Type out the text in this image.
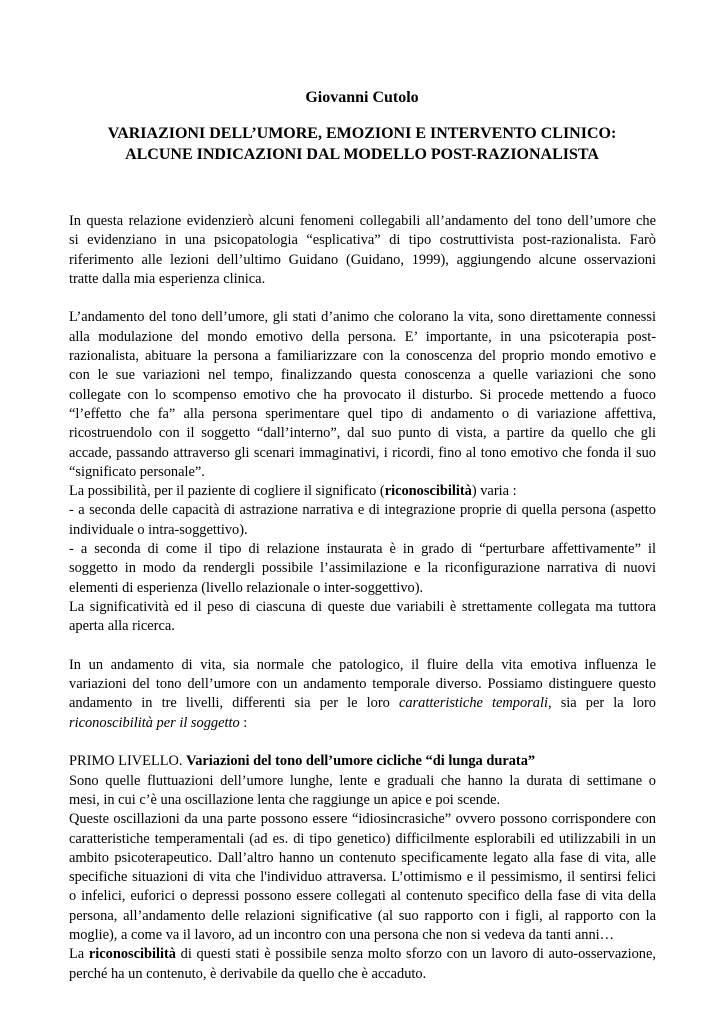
Giovanni Cutolo
VARIAZIONI DELL’UMORE, EMOZIONI E INTERVENTO CLINICO:
ALCUNE INDICAZIONI DAL MODELLO POST-RAZIONALISTA
In questa relazione evidenzierò alcuni fenomeni collegabili all’andamento del tono dell’umore che
si evidenziano in una psicopatologia “esplicativa” di tipo costruttivista post-razionalista. Farò
riferimento alle lezioni dell’ultimo Guidano (Guidano, 1999), aggiungendo alcune osservazioni
tratte dalla mia esperienza clinica.
L’andamento del tono dell’umore, gli stati d’animo che colorano la vita, sono direttamente connessi
alla modulazione del mondo emotivo della persona. E’ importante, in una psicoterapia post-
razionalista, abituare la persona a familiarizzare con la conoscenza del proprio mondo emotivo e
con le sue variazioni nel tempo, finalizzando questa conoscenza a quelle variazioni che sono
collegate con lo scompenso emotivo che ha provocato il disturbo. Si procede mettendo a fuoco
“l’effetto che fa” alla persona sperimentare quel tipo di andamento o di variazione affettiva,
ricostruendolo con il soggetto “dall’interno”, dal suo punto di vista, a partire da quello che gli
accade, passando attraverso gli scenari immaginativi, i ricordi, fino al tono emotivo che fonda il suo
“significato personale”.
La possibilità, per il paziente di cogliere il significato (riconoscibilità) varia :
- a seconda delle capacità di astrazione narrativa e di integrazione proprie di quella persona (aspetto
individuale o intra-soggettivo).
- a seconda di come il tipo di relazione instaurata è in grado di “perturbare affettivamente” il
soggetto in modo da rendergli possibile l’assimilazione e la riconfigurazione narrativa di nuovi
elementi di esperienza (livello relazionale o inter-soggettivo).
La significatività ed il peso di ciascuna di queste due variabili è strettamente collegata ma tuttora
aperta alla ricerca.
In un andamento di vita, sia normale che patologico, il fluire della vita emotiva influenza le
variazioni del tono dell’umore con un andamento temporale diverso. Possiamo distinguere questo
andamento in tre livelli, differenti sia per le loro caratteristiche temporali, sia per la loro
riconoscibilità per il soggetto :
PRIMO LIVELLO. Variazioni del tono dell’umore cicliche “di lunga durata”
Sono quelle fluttuazioni dell’umore lunghe, lente e graduali che hanno la durata di settimane o
mesi, in cui c’è una oscillazione lenta che raggiunge un apice e poi scende.
Queste oscillazioni da una parte possono essere “idiosincrasiche” ovvero possono corrispondere con
caratteristiche temperamentali (ad es. di tipo genetico) difficilmente esplorabili ed utilizzabili in un
ambito psicoterapeutico. Dall’altro hanno un contenuto specificamente legato alla fase di vita, alle
specifiche situazioni di vita che l'individuo attraversa. L’ottimismo e il pessimismo, il sentirsi felici
o infelici, euforici o depressi possono essere collegati al contenuto specifico della fase di vita della
persona, all’andamento delle relazioni significative (al suo rapporto con i figli, al rapporto con la
moglie), a come va il lavoro, ad un incontro con una persona che non si vedeva da tanti anni…
La riconoscibilità di questi stati è possibile senza molto sforzo con un lavoro di auto-osservazione,
perché ha un contenuto, è derivabile da quello che è accaduto.
